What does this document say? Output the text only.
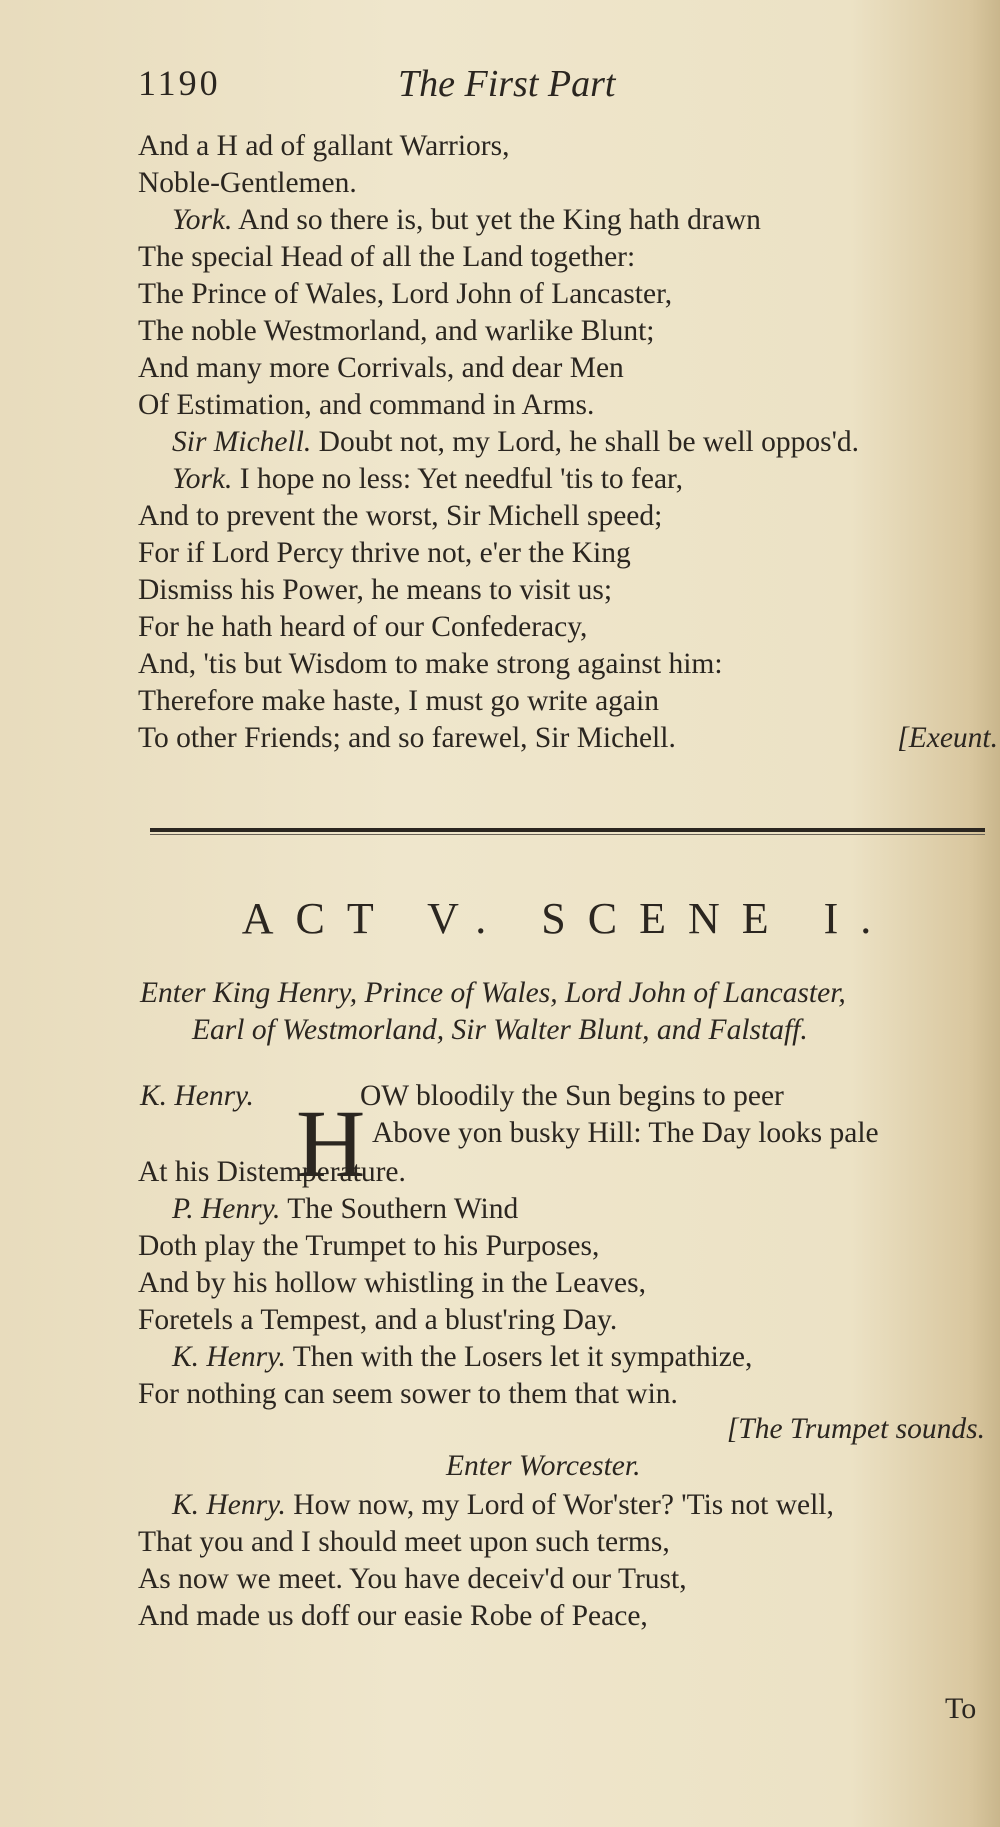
1190	The First Part
And a H ad of gallant Warriors,
Noble-Gentlemen.
York. And so there is, but yet the King hath drawn
The special Head of all the Land together:
The Prince of Wales, Lord John of Lancaster,
The noble Westmorland, and warlike Blunt;
And many more Corrivals, and dear Men
Of Estimation, and command in Arms.
Sir Michell. Doubt not, my Lord, he shall be well oppos'd.
York. I hope no less: Yet needful 'tis to fear,
And to prevent the worst, Sir Michell speed;
For if Lord Percy thrive not, e'er the King
Dismiss his Power, he means to visit us;
For he hath heard of our Confederacy,
And, 'tis but Wisdom to make strong against him:
Therefore make haste, I must go write again
To other Friends; and so farewel, Sir Michell.	[Exeunt.
ACT V. SCENE I.
Enter King Henry, Prince of Wales, Lord John of Lancaster,
Earl of Westmorland, Sir Walter Blunt, and Falstaff.
K. Henry. H
OW bloodily the Sun begins to peer
Above yon busky Hill: The Day looks pale
At his Distemperature.
P. Henry. The Southern Wind
Doth play the Trumpet to his Purposes,
And by his hollow whistling in the Leaves,
Foretels a Tempest, and a blust'ring Day.
K. Henry. Then with the Losers let it sympathize,
For nothing can seem sower to them that win.
[The Trumpet sounds.
Enter Worcester.
K. Henry. How now, my Lord of Wor'ster? 'Tis not well,
That you and I should meet upon such terms,
As now we meet. You have deceiv'd our Trust,
And made us doff our easie Robe of Peace,
To
